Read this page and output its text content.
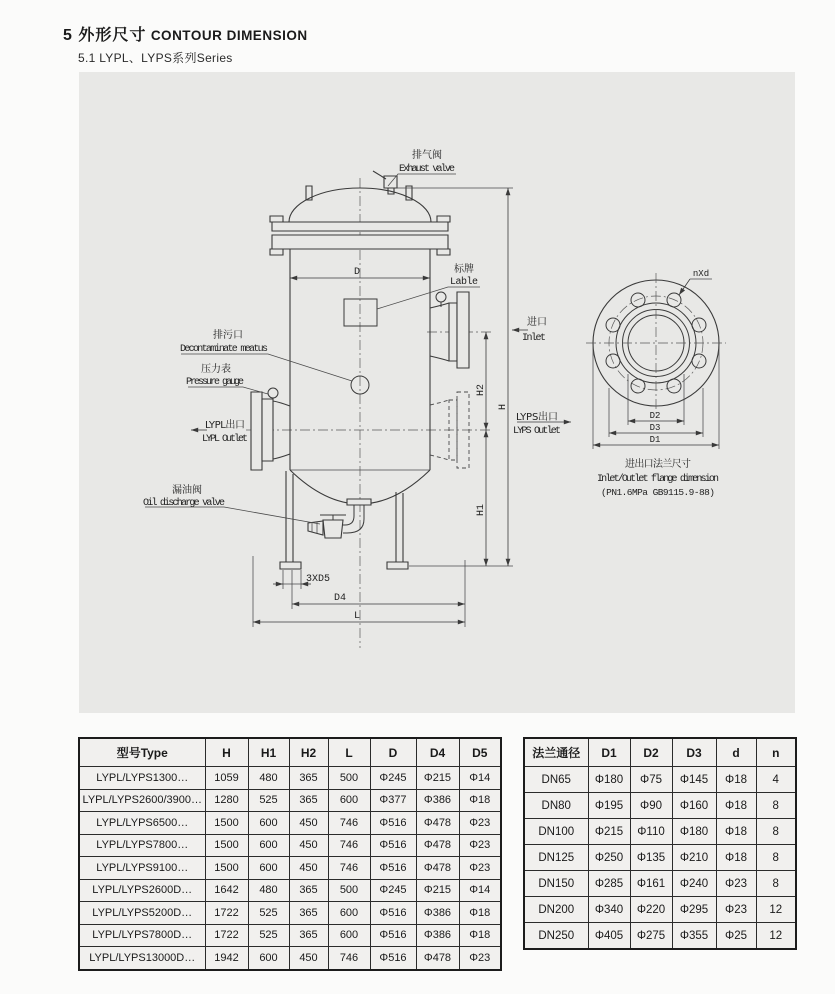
5 外形尺寸 CONTOUR DIMENSION
5.1 LYPL、LYPS系列Series
排气阀
Exhaust valve
标牌
Lable
排污口
Decontaminate meatus
压力表
Pressure gauge
LYPL出口
LYPL Outlet
进口
Inlet
LYPS出口
LYPS Outlet
漏油阀
Oil discharge valve
D
H
H2
H1
3XD5
D4
L
nXd
D2
D3
D1
进出口法兰尺寸
Inlet/Outlet flange dimension
(PN1.6MPa GB9115.9-88)
型号Type	H	H1	H2	L	D	D4	D5
LYPL/LYPS1300…	1059	480	365	500	Φ245	Φ215	Φ14
LYPL/LYPS2600/3900…	1280	525	365	600	Φ377	Φ386	Φ18
LYPL/LYPS6500…	1500	600	450	746	Φ516	Φ478	Φ23
LYPL/LYPS7800…	1500	600	450	746	Φ516	Φ478	Φ23
LYPL/LYPS9100…	1500	600	450	746	Φ516	Φ478	Φ23
LYPL/LYPS2600D…	1642	480	365	500	Φ245	Φ215	Φ14
LYPL/LYPS5200D…	1722	525	365	600	Φ516	Φ386	Φ18
LYPL/LYPS7800D…	1722	525	365	600	Φ516	Φ386	Φ18
LYPL/LYPS13000D…	1942	600	450	746	Φ516	Φ478	Φ23
法兰通径	D1	D2	D3	d	n
DN65	Φ180	Φ75	Φ145	Φ18	4
DN80	Φ195	Φ90	Φ160	Φ18	8
DN100	Φ215	Φ110	Φ180	Φ18	8
DN125	Φ250	Φ135	Φ210	Φ18	8
DN150	Φ285	Φ161	Φ240	Φ23	8
DN200	Φ340	Φ220	Φ295	Φ23	12
DN250	Φ405	Φ275	Φ355	Φ25	12
